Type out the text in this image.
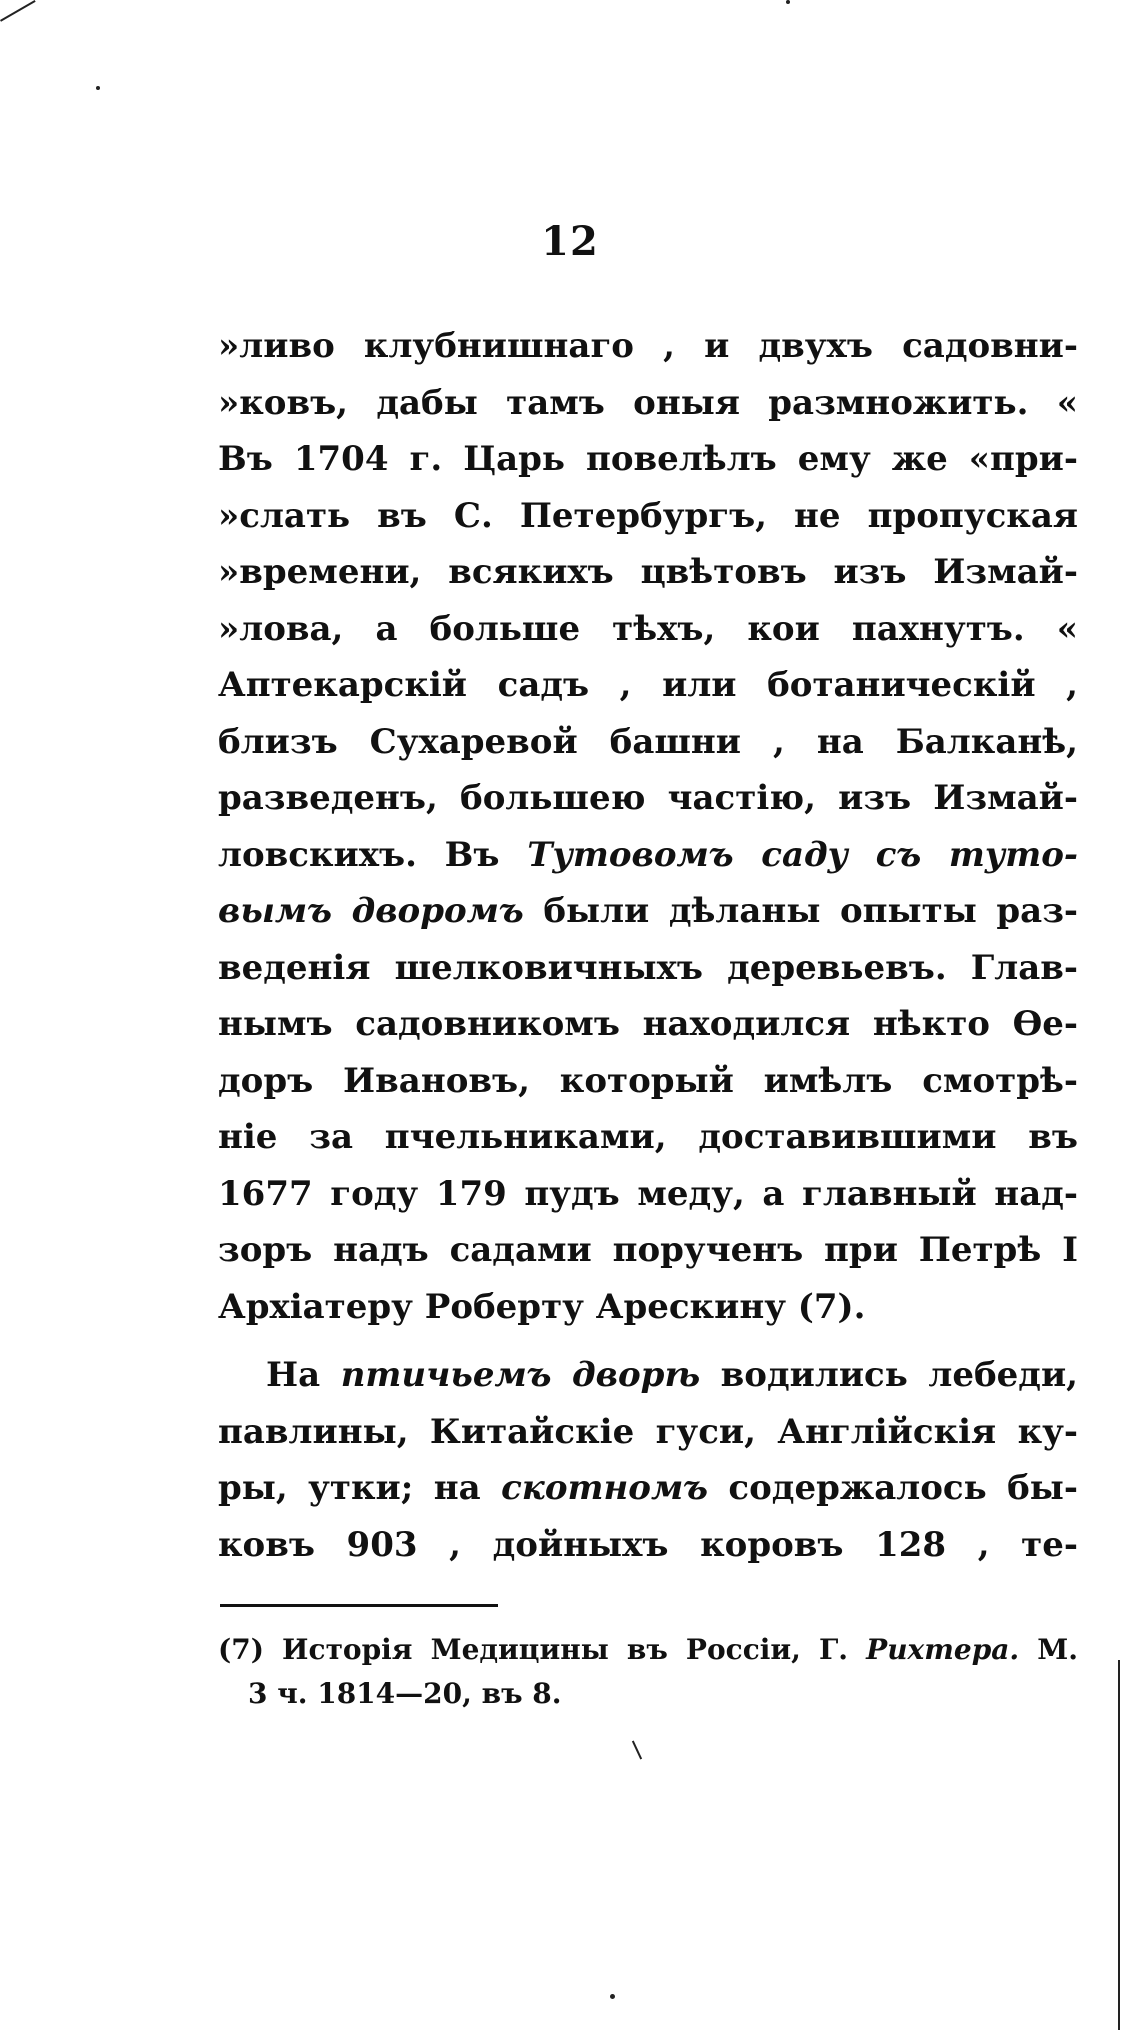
12
»ливо клубнишнаго , и двухъ садовни-
»ковъ, дабы тамъ оныя размножить. «
Въ 1704 г. Царь повелѣлъ ему же «при-
»слать въ С. Петербургъ, не пропуская
»времени, всякихъ цвѣтовъ изъ Измай-
»лова, а больше тѣхъ, кои пахнутъ. «
Аптекарскій садъ , или ботаническій ,
близъ Сухаревой башни , на Балканѣ,
разведенъ, большею частію, изъ Измай-
ловскихъ. Въ Тутовомъ саду съ туто-
вымъ дворомъ были дѣланы опыты раз-
веденія шелковичныхъ деревьевъ. Глав-
нымъ садовникомъ находился нѣкто Ѳе-
доръ Ивановъ, который имѣлъ смотрѣ-
ніе за пчельниками, доставившими въ
1677 году 179 пудъ меду, а главный над-
зоръ надъ садами порученъ при Петрѣ I
Архіатеру Роберту Арескину (7).
На птичьемъ дворѣ водились лебеди,
павлины, Китайскіе гуси, Англійскія ку-
ры, утки; на скотномъ содержалось бы-
ковъ 903 , дойныхъ коровъ 128 , те-
(7) Исторія Медицины въ Россіи, Г. Рихтера. М.
3 ч. 1814—20, въ 8.
